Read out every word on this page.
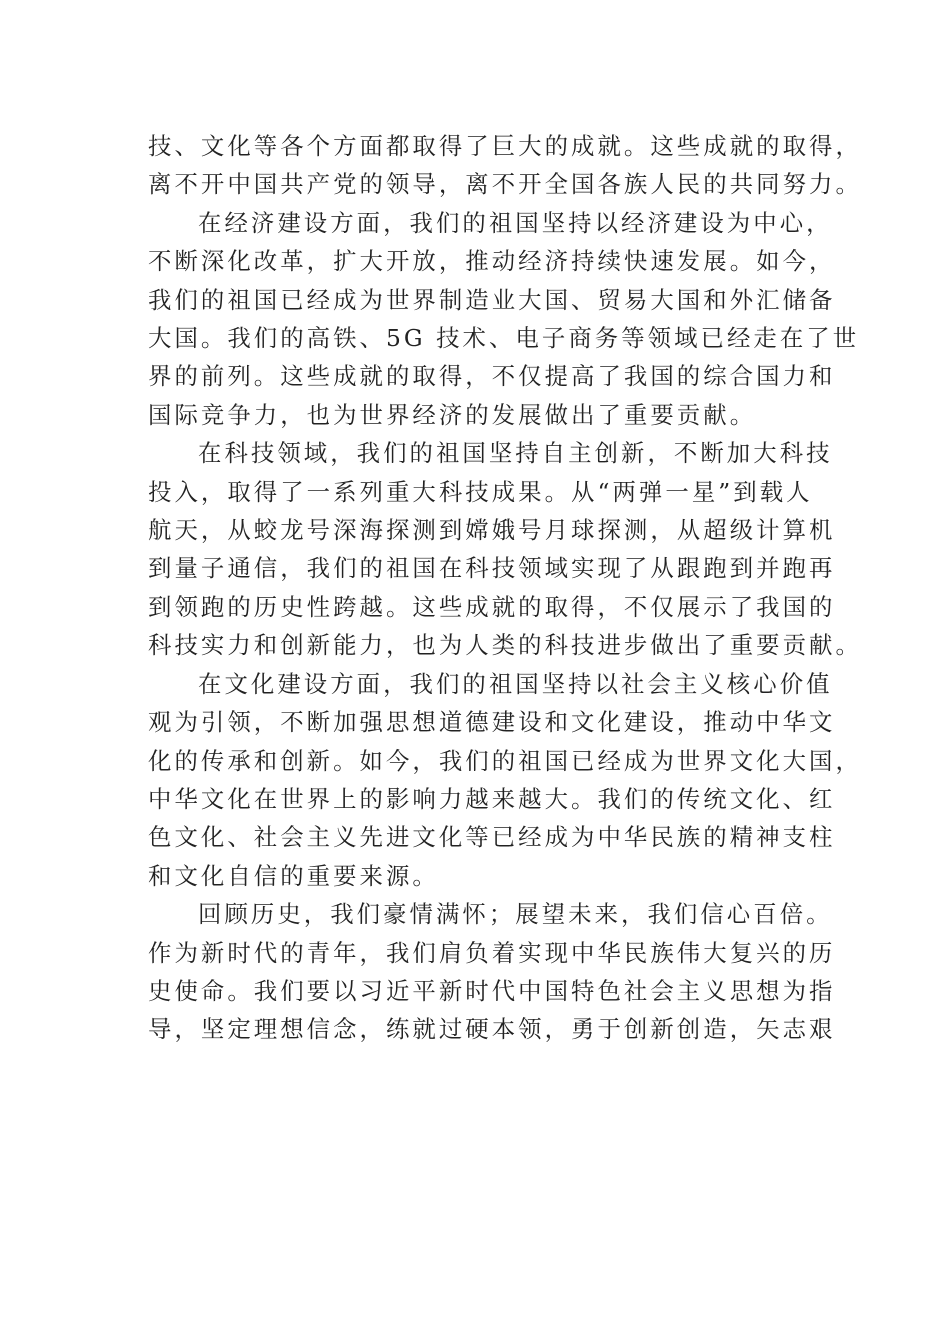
技、文化等各个方面都取得了巨大的成就。这些成就的取得，
离不开中国共产党的领导，离不开全国各族人民的共同努力。

在经济建设方面，我们的祖国坚持以经济建设为中心，
不断深化改革，扩大开放，推动经济持续快速发展。如今，
我们的祖国已经成为世界制造业大国、贸易大国和外汇储备
大国。我们的高铁、5G 技术、电子商务等领域已经走在了世
界的前列。这些成就的取得，不仅提高了我国的综合国力和
国际竞争力，也为世界经济的发展做出了重要贡献。

在科技领域，我们的祖国坚持自主创新，不断加大科技
投入，取得了一系列重大科技成果。从“两弹一星”到载人
航天，从蛟龙号深海探测到嫦娥号月球探测，从超级计算机
到量子通信，我们的祖国在科技领域实现了从跟跑到并跑再
到领跑的历史性跨越。这些成就的取得，不仅展示了我国的
科技实力和创新能力，也为人类的科技进步做出了重要贡献。

在文化建设方面，我们的祖国坚持以社会主义核心价值
观为引领，不断加强思想道德建设和文化建设，推动中华文
化的传承和创新。如今，我们的祖国已经成为世界文化大国，
中华文化在世界上的影响力越来越大。我们的传统文化、红
色文化、社会主义先进文化等已经成为中华民族的精神支柱
和文化自信的重要来源。

回顾历史，我们豪情满怀；展望未来，我们信心百倍。
作为新时代的青年，我们肩负着实现中华民族伟大复兴的历
史使命。我们要以习近平新时代中国特色社会主义思想为指
导，坚定理想信念，练就过硬本领，勇于创新创造，矢志艰
